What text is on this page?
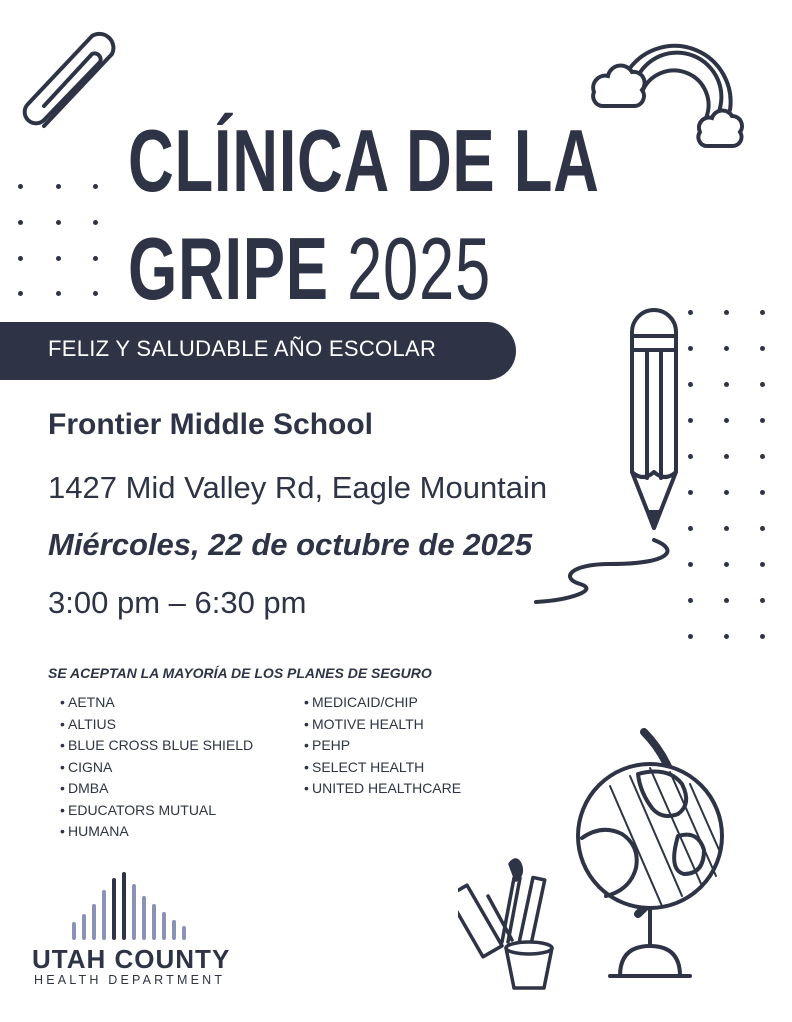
CLÍNICA DE LA
GRIPE 2025
FELIZ Y SALUDABLE AÑO ESCOLAR
Frontier Middle School
1427 Mid Valley Rd, Eagle Mountain
Miércoles, 22 de octubre de 2025
3:00 pm – 6:30 pm
SE ACEPTAN LA MAYORÍA DE LOS PLANES DE SEGURO
• AETNA
• ALTIUS
• BLUE CROSS BLUE SHIELD
• CIGNA
• DMBA
• EDUCATORS MUTUAL
• HUMANA
• MEDICAID/CHIP
• MOTIVE HEALTH
• PEHP
• SELECT HEALTH
• UNITED HEALTHCARE
UTAH COUNTY
HEALTH DEPARTMENT
